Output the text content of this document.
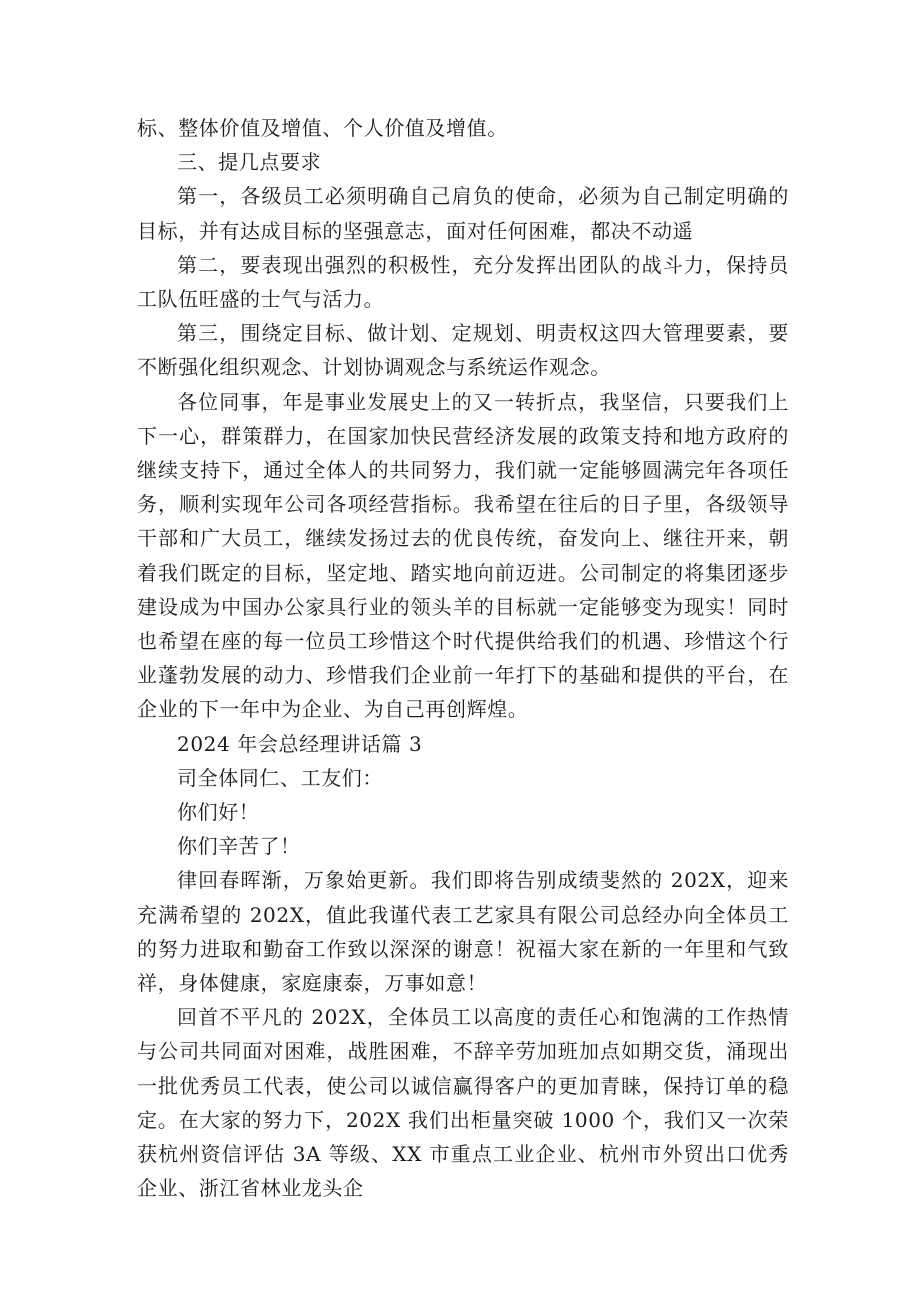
标、整体价值及增值、个人价值及增值。

三、提几点要求

第一，各级员工必须明确自己肩负的使命，必须为自己制定明确的目标，并有达成目标的坚强意志，面对任何困难，都决不动遥

第二，要表现出强烈的积极性，充分发挥出团队的战斗力，保持员工队伍旺盛的士气与活力。

第三，围绕定目标、做计划、定规划、明责权这四大管理要素，要不断强化组织观念、计划协调观念与系统运作观念。

各位同事，年是事业发展史上的又一转折点，我坚信，只要我们上下一心，群策群力，在国家加快民营经济发展的政策支持和地方政府的继续支持下，通过全体人的共同努力，我们就一定能够圆满完年各项任务，顺利实现年公司各项经营指标。我希望在往后的日子里，各级领导干部和广大员工，继续发扬过去的优良传统，奋发向上、继往开来，朝着我们既定的目标，坚定地、踏实地向前迈进。公司制定的将集团逐步建设成为中国办公家具行业的领头羊的目标就一定能够变为现实！同时也希望在座的每一位员工珍惜这个时代提供给我们的机遇、珍惜这个行业蓬勃发展的动力、珍惜我们企业前一年打下的基础和提供的平台，在企业的下一年中为企业、为自己再创辉煌。

2024 年会总经理讲话篇 3

司全体同仁、工友们：

你们好！

你们辛苦了！

律回春晖渐，万象始更新。我们即将告别成绩斐然的 202X，迎来充满希望的 202X，值此我谨代表工艺家具有限公司总经办向全体员工的努力进取和勤奋工作致以深深的谢意！祝福大家在新的一年里和气致祥，身体健康，家庭康泰，万事如意！

回首不平凡的 202X，全体员工以高度的责任心和饱满的工作热情与公司共同面对困难，战胜困难，不辞辛劳加班加点如期交货，涌现出一批优秀员工代表，使公司以诚信赢得客户的更加青睐，保持订单的稳定。在大家的努力下，202X 我们出柜量突破 1000 个，我们又一次荣获杭州资信评估 3A 等级、XX 市重点工业企业、杭州市外贸出口优秀企业、浙江省林业龙头企
